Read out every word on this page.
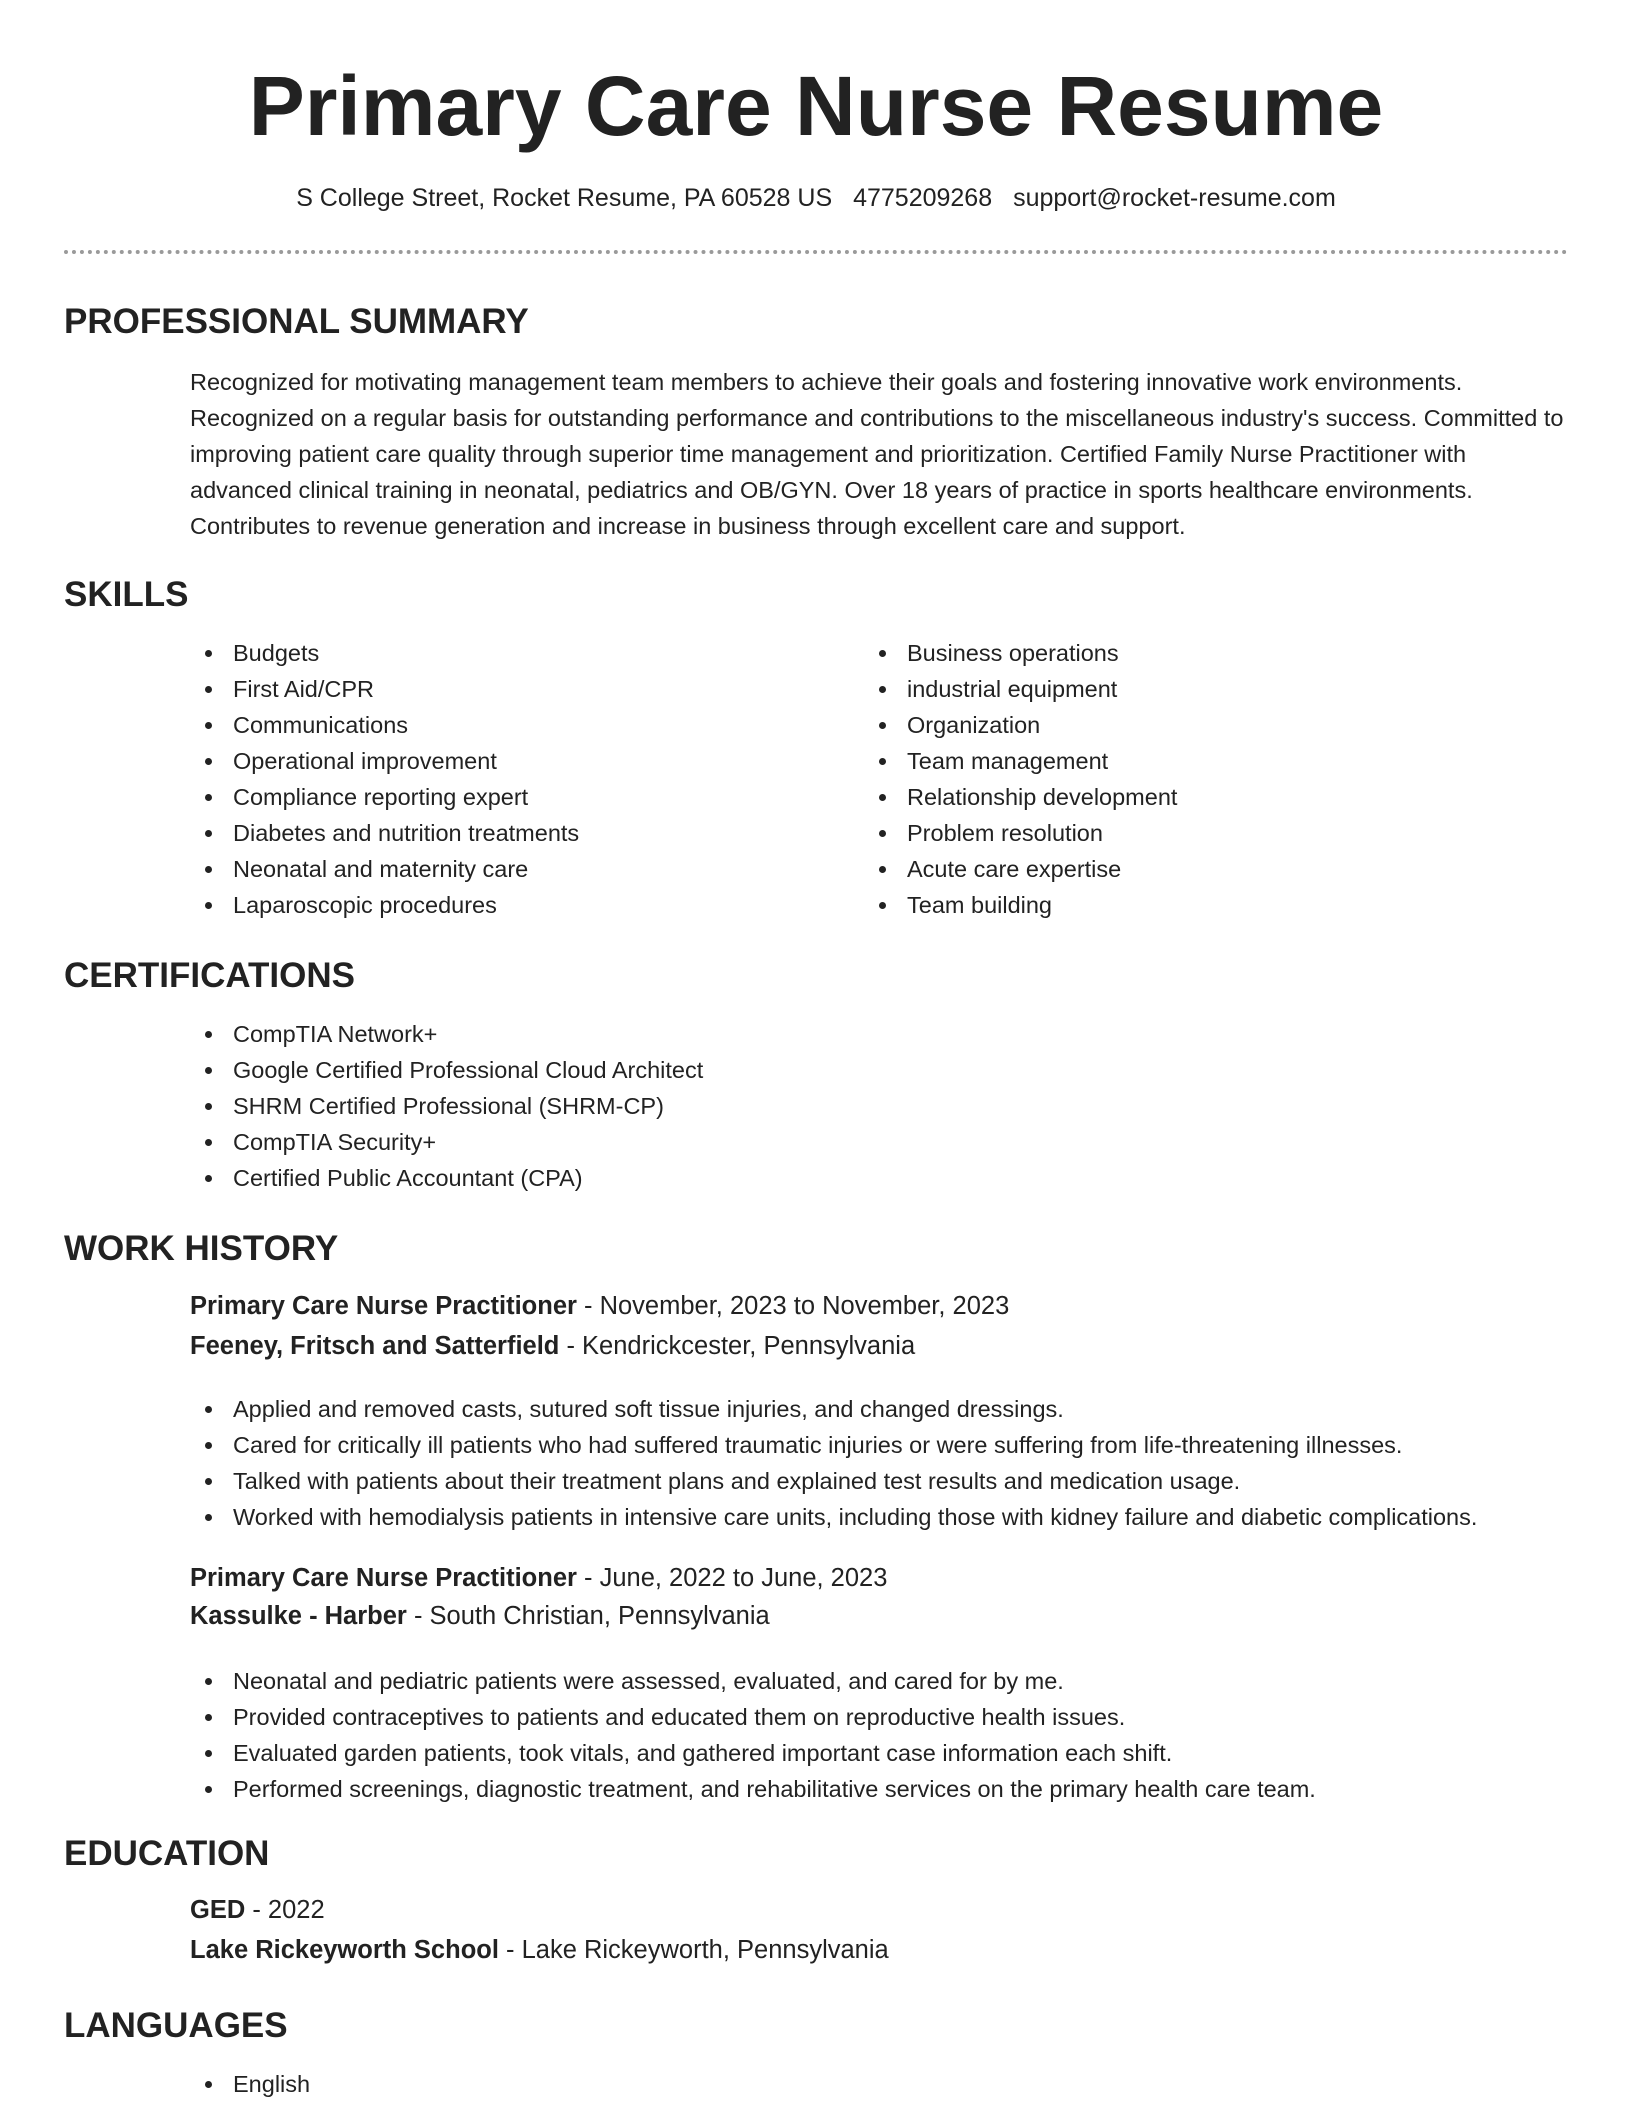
Primary Care Nurse Resume
S College Street, Rocket Resume, PA 60528 US 4775209268 support@rocket-resume.com
PROFESSIONAL SUMMARY

Recognized for motivating management team members to achieve their goals and fostering innovative work environments. Recognized on a regular basis for outstanding performance and contributions to the miscellaneous industry's success. Committed to improving patient care quality through superior time management and prioritization. Certified Family Nurse Practitioner with advanced clinical training in neonatal, pediatrics and OB/GYN. Over 18 years of practice in sports healthcare environments. Contributes to revenue generation and increase in business through excellent care and support.

SKILLS
Budgets
First Aid/CPR
Communications
Operational improvement
Compliance reporting expert
Diabetes and nutrition treatments
Neonatal and maternity care
Laparoscopic procedures
Business operations
industrial equipment
Organization
Team management
Relationship development
Problem resolution
Acute care expertise
Team building
CERTIFICATIONS
CompTIA Network+
Google Certified Professional Cloud Architect
SHRM Certified Professional (SHRM-CP)
CompTIA Security+
Certified Public Accountant (CPA)
WORK HISTORY
Primary Care Nurse Practitioner - November, 2023 to November, 2023
Feeney, Fritsch and Satterfield - Kendrickcester, Pennsylvania
Applied and removed casts, sutured soft tissue injuries, and changed dressings.
Cared for critically ill patients who had suffered traumatic injuries or were suffering from life-threatening illnesses.
Talked with patients about their treatment plans and explained test results and medication usage.
Worked with hemodialysis patients in intensive care units, including those with kidney failure and diabetic complications.
Primary Care Nurse Practitioner - June, 2022 to June, 2023
Kassulke - Harber - South Christian, Pennsylvania
Neonatal and pediatric patients were assessed, evaluated, and cared for by me.
Provided contraceptives to patients and educated them on reproductive health issues.
Evaluated garden patients, took vitals, and gathered important case information each shift.
Performed screenings, diagnostic treatment, and rehabilitative services on the primary health care team.
EDUCATION
GED - 2022
Lake Rickeyworth School - Lake Rickeyworth, Pennsylvania
LANGUAGES
English
